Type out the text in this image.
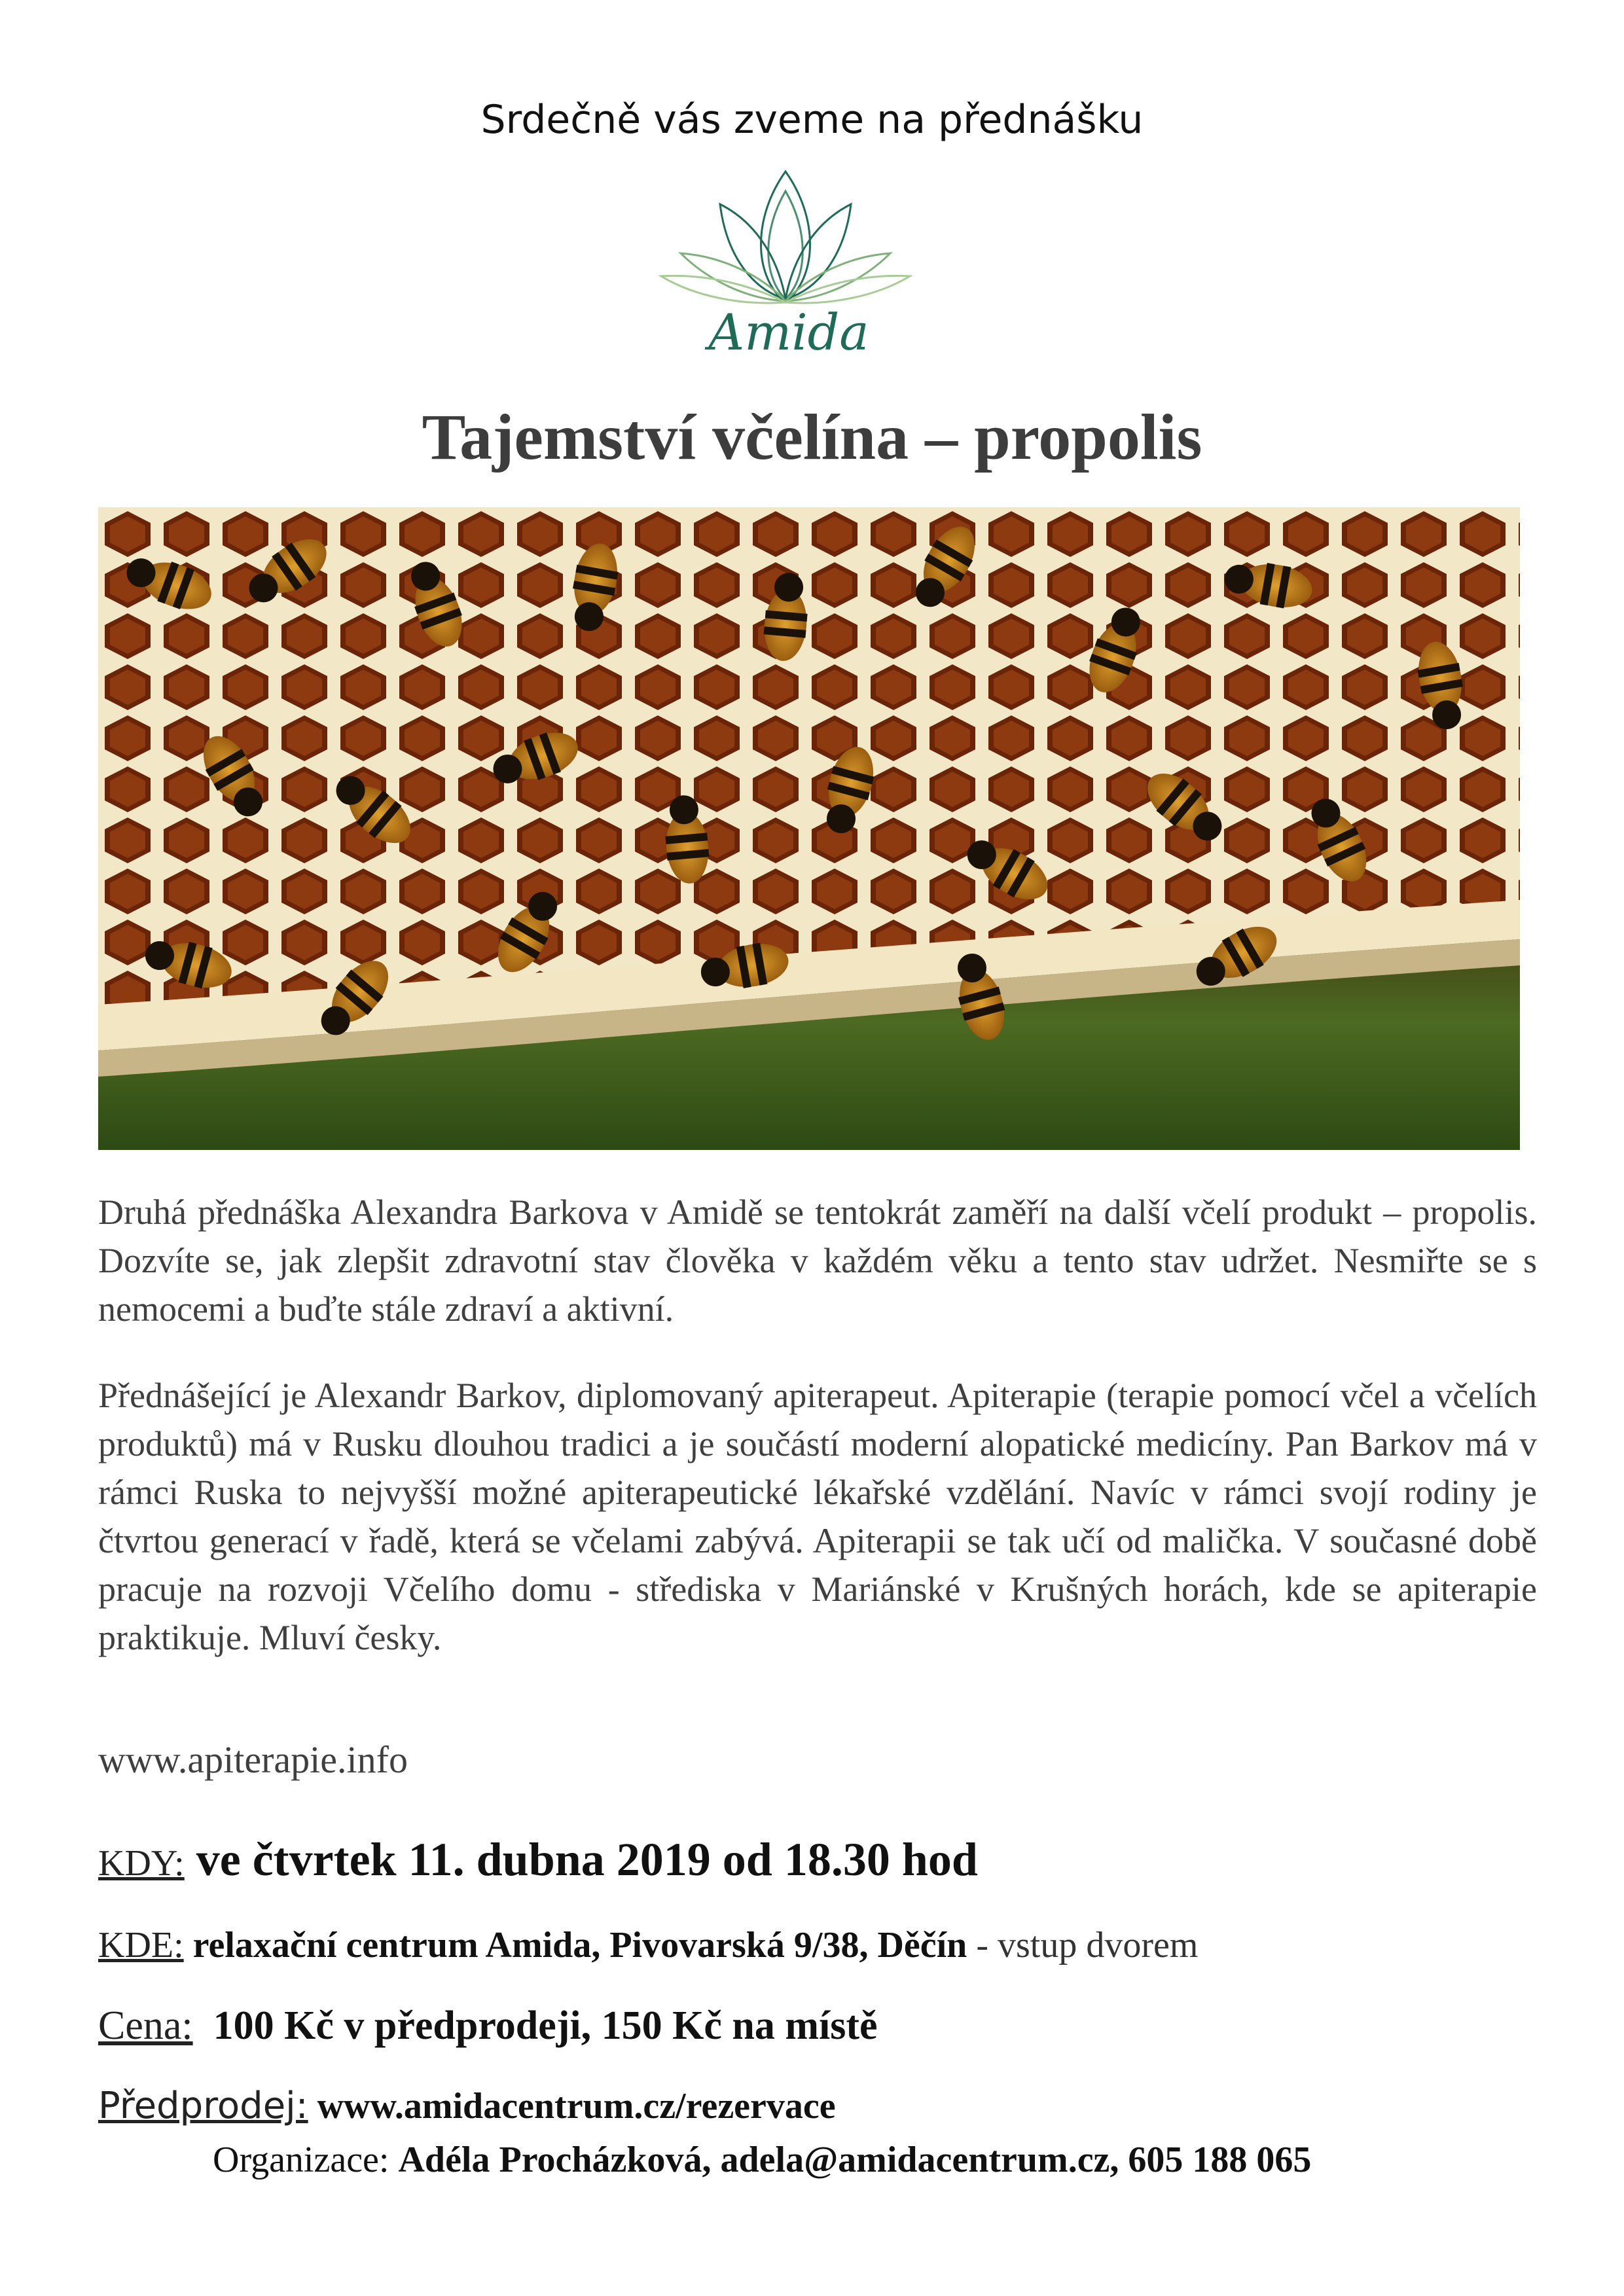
Srdečně vás zveme na přednášku
Amida
Tajemství včelína – propolis
Druhá přednáška Alexandra Barkova v Amidě se tentokrát zaměří na další včelí produkt – propolis. Dozvíte se, jak zlepšit zdravotní stav člověka v každém věku a tento stav udržet. Nesmiřte se s nemocemi a buďte stále zdraví a aktivní.
Přednášející je Alexandr Barkov, diplomovaný apiterapeut. Apiterapie (terapie pomocí včel a včelích produktů) má v Rusku dlouhou tradici a je součástí moderní alopatické medicíny. Pan Barkov má v rámci Ruska to nejvyšší možné apiterapeutické lékařské vzdělání. Navíc v rámci svojí rodiny je čtvrtou generací v řadě, která se včelami zabývá. Apiterapii se tak učí od malička. V současné době pracuje na rozvoji Včelího domu - střediska v Mariánské v Krušných horách, kde se apiterapie praktikuje. Mluví česky.
www.apiterapie.info
KDY: ve čtvrtek 11. dubna 2019 od 18.30 hod
KDE: relaxační centrum Amida, Pivovarská 9/38, Děčín - vstup dvorem
Cena: 100 Kč v předprodeji, 150 Kč na místě
Předprodej: www.amidacentrum.cz/rezervace
Organizace: Adéla Procházková, adela@amidacentrum.cz, 605 188 065
